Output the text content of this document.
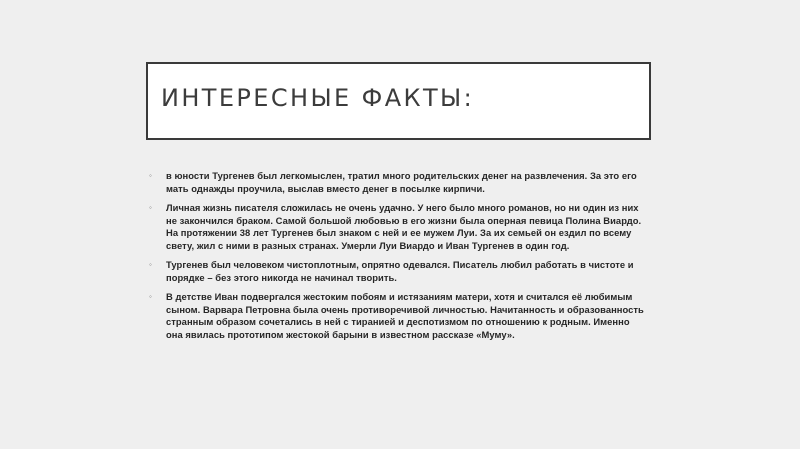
ИНТЕРЕСНЫЕ ФАКТЫ:
◦ в юности Тургенев был легкомыслен, тратил много родительских денег на развлечения. За это его мать однажды проучила, выслав вместо денег в посылке кирпичи.
◦ Личная жизнь писателя сложилась не очень удачно. У него было много романов, но ни один из них не закончился браком. Самой большой любовью в его жизни была оперная певица Полина Виардо. На протяжении 38 лет Тургенев был знаком с ней и ее мужем Луи. За их семьей он ездил по всему свету, жил с ними в разных странах. Умерли Луи Виардо и Иван Тургенев в один год.
◦ Тургенев был человеком чистоплотным, опрятно одевался. Писатель любил работать в чистоте и порядке – без этого никогда не начинал творить.
◦ В детстве Иван подвергался жестоким побоям и истязаниям матери, хотя и считался её любимым сыном. Варвара Петровна была очень противоречивой личностью. Начитанность и образованность странным образом сочетались в ней с тиранией и деспотизмом по отношению к родным. Именно она явилась прототипом жестокой барыни в известном рассказе «Муму».
